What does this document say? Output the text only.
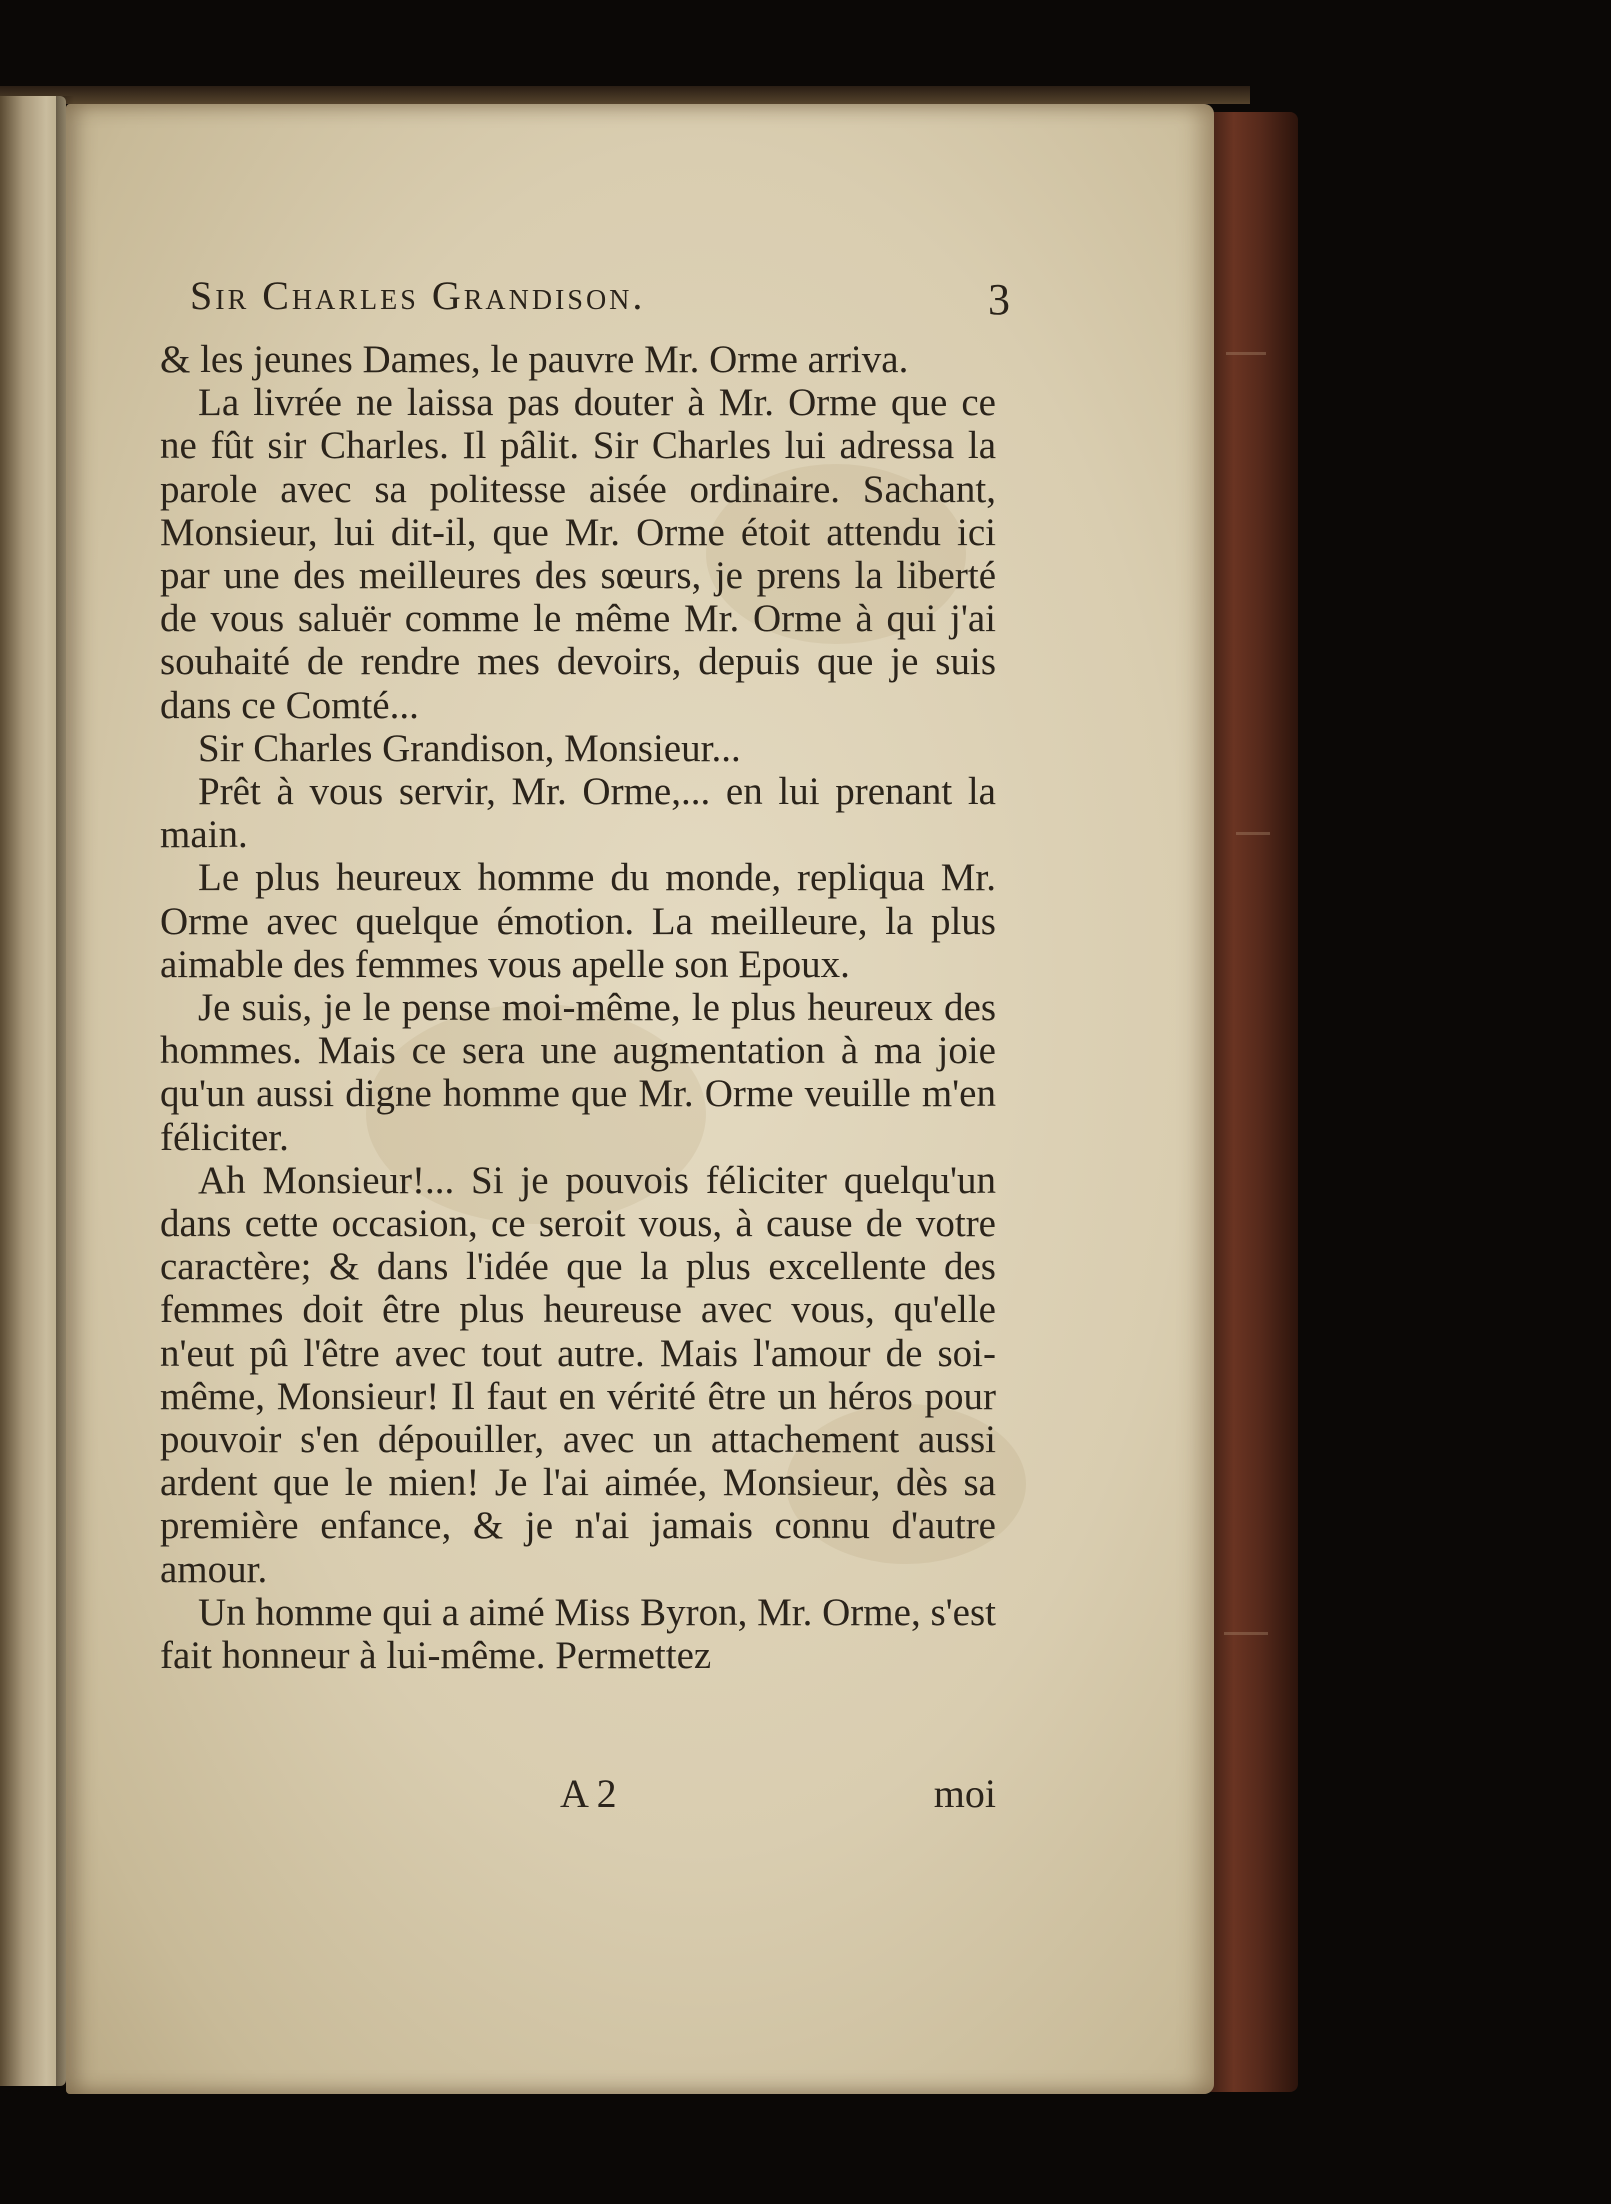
Sir Charles Grandison.	3

& les jeunes Dames, le pauvre Mr. Orme arriva.

La livrée ne laissa pas douter à Mr. Orme que ce ne fût sir Charles. Il pâlit. Sir Charles lui adressa la parole avec sa politesse aisée ordinaire. Sachant, Monsieur, lui dit-il, que Mr. Orme étoit attendu ici par une des meilleures des sœurs, je prens la liberté de vous saluër comme le même Mr. Orme à qui j'ai souhaité de rendre mes devoirs, depuis que je suis dans ce Comté...

Sir Charles Grandison, Monsieur...

Prêt à vous servir, Mr. Orme,... en lui prenant la main.

Le plus heureux homme du monde, repliqua Mr. Orme avec quelque émotion. La meilleure, la plus aimable des femmes vous apelle son Epoux.

Je suis, je le pense moi-même, le plus heureux des hommes. Mais ce sera une augmentation à ma joie qu'un aussi digne homme que Mr. Orme veuille m'en féliciter.

Ah Monsieur!... Si je pouvois féliciter quelqu'un dans cette occasion, ce seroit vous, à cause de votre caractère; & dans l'idée que la plus excellente des femmes doit être plus heureuse avec vous, qu'elle n'eut pû l'être avec tout autre. Mais l'amour de soi-même, Monsieur! Il faut en vérité être un héros pour pouvoir s'en dépouiller, avec un attachement aussi ardent que le mien! Je l'ai aimée, Monsieur, dès sa première enfance, & je n'ai jamais connu d'autre amour.

Un homme qui a aimé Miss Byron, Mr. Orme, s'est fait honneur à lui-même. Permettez

A 2	moi
